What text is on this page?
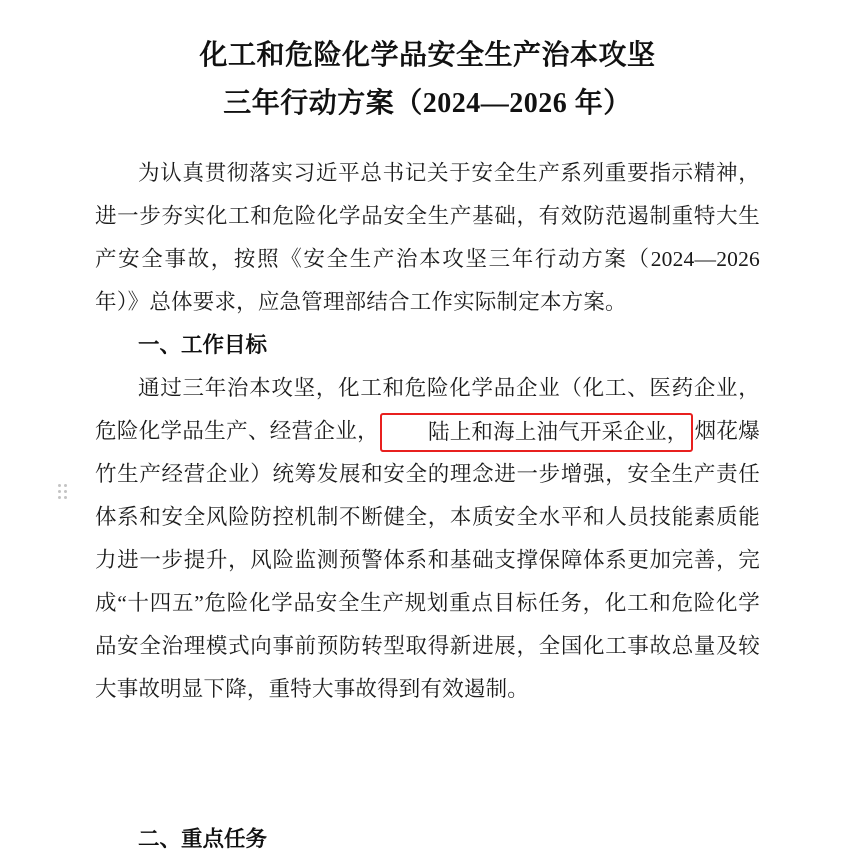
化工和危险化学品安全生产治本攻坚
三年行动方案（2024—2026 年）

为认真贯彻落实习近平总书记关于安全生产系列重要指示精神，进一步夯实化工和危险化学品安全生产基础，有效防范遏制重特大生产安全事故，按照《安全生产治本攻坚三年行动方案（2024—2026 年）》总体要求，应急管理部结合工作实际制定本方案。

一、工作目标

通过三年治本攻坚，化工和危险化学品企业（化工、医药企业，危险化学品生产、经营企业， 陆上和海上油气开采企业， 烟花爆竹生产经营企业）统筹发展和安全的理念进一步增强，安全生产责任体系和安全风险防控机制不断健全，本质安全水平和人员技能素质能力进一步提升，风险监测预警体系和基础支撑保障体系更加完善，完成“十四五”危险化学品安全生产规划重点目标任务，化工和危险化学品安全治理模式向事前预防转型取得新进展，全国化工事故总量及较大事故明显下降，重特大事故得到有效遏制。

二、重点任务
